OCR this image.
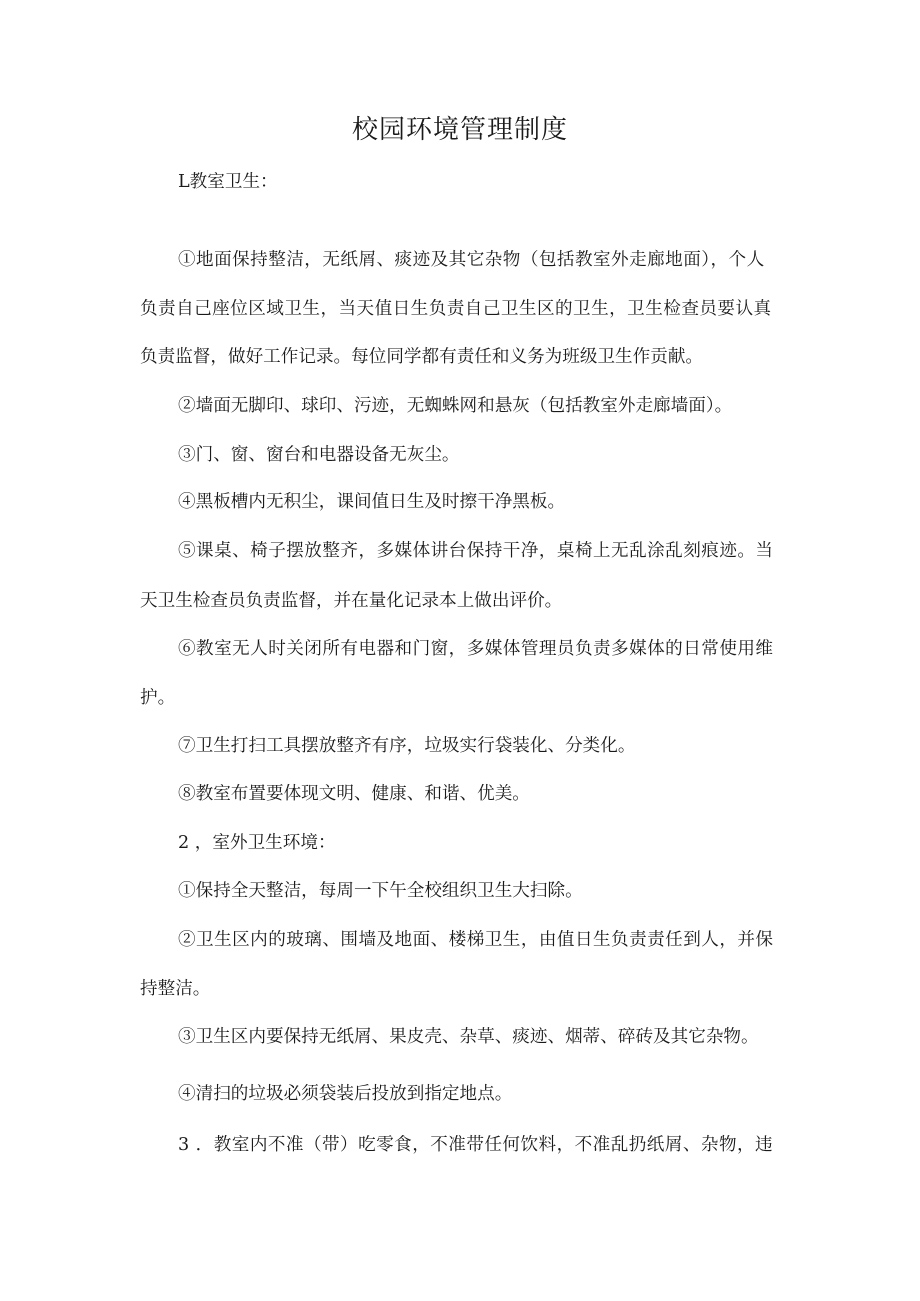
校园环境管理制度
L教室卫生：
①地面保持整洁，无纸屑、痰迹及其它杂物（包括教室外走廊地面），个人
负责自己座位区域卫生，当天值日生负责自己卫生区的卫生，卫生检查员要认真
负责监督，做好工作记录。每位同学都有责任和义务为班级卫生作贡献。
②墙面无脚印、球印、污迹，无蜘蛛网和悬灰（包括教室外走廊墙面）。
③门、窗、窗台和电器设备无灰尘。
④黑板槽内无积尘，课间值日生及时擦干净黑板。
⑤课桌、椅子摆放整齐，多媒体讲台保持干净，桌椅上无乱涂乱刻痕迹。当
天卫生检查员负责监督，并在量化记录本上做出评价。
⑥教室无人时关闭所有电器和门窗，多媒体管理员负责多媒体的日常使用维
护。
⑦卫生打扫工具摆放整齐有序，垃圾实行袋装化、分类化。
⑧教室布置要体现文明、健康、和谐、优美。
2 ，室外卫生环境：
①保持全天整洁，每周一下午全校组织卫生大扫除。
②卫生区内的玻璃、围墙及地面、楼梯卫生，由值日生负责责任到人，并保
持整洁。
③卫生区内要保持无纸屑、果皮壳、杂草、痰迹、烟蒂、碎砖及其它杂物。
④清扫的垃圾必须袋装后投放到指定地点。
3 ．教室内不准（带）吃零食，不准带任何饮料，不准乱扔纸屑、杂物，违
